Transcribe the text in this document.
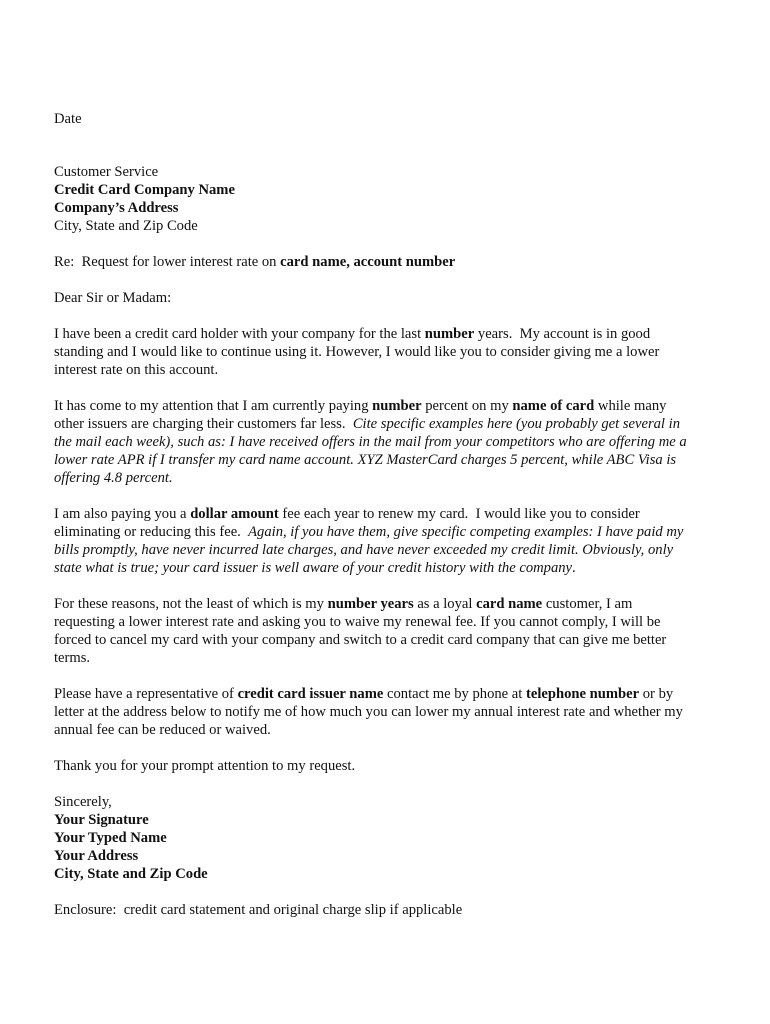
Date
Customer Service
Credit Card Company Name
Company’s Address
City, State and Zip Code
Re:  Request for lower interest rate on card name, account number
Dear Sir or Madam:
I have been a credit card holder with your company for the last number years.  My account is in good
standing and I would like to continue using it. However, I would like you to consider giving me a lower
interest rate on this account.
It has come to my attention that I am currently paying number percent on my name of card while many
other issuers are charging their customers far less.  Cite specific examples here (you probably get several in
the mail each week), such as: I have received offers in the mail from your competitors who are offering me a
lower rate APR if I transfer my card name account. XYZ MasterCard charges 5 percent, while ABC Visa is
offering 4.8 percent.
I am also paying you a dollar amount fee each year to renew my card.  I would like you to consider
eliminating or reducing this fee.  Again, if you have them, give specific competing examples: I have paid my
bills promptly, have never incurred late charges, and have never exceeded my credit limit. Obviously, only
state what is true; your card issuer is well aware of your credit history with the company.
For these reasons, not the least of which is my number years as a loyal card name customer, I am
requesting a lower interest rate and asking you to waive my renewal fee. If you cannot comply, I will be
forced to cancel my card with your company and switch to a credit card company that can give me better
terms.
Please have a representative of credit card issuer name contact me by phone at telephone number or by
letter at the address below to notify me of how much you can lower my annual interest rate and whether my
annual fee can be reduced or waived.
Thank you for your prompt attention to my request.
Sincerely,
Your Signature
Your Typed Name
Your Address
City, State and Zip Code
Enclosure:  credit card statement and original charge slip if applicable
